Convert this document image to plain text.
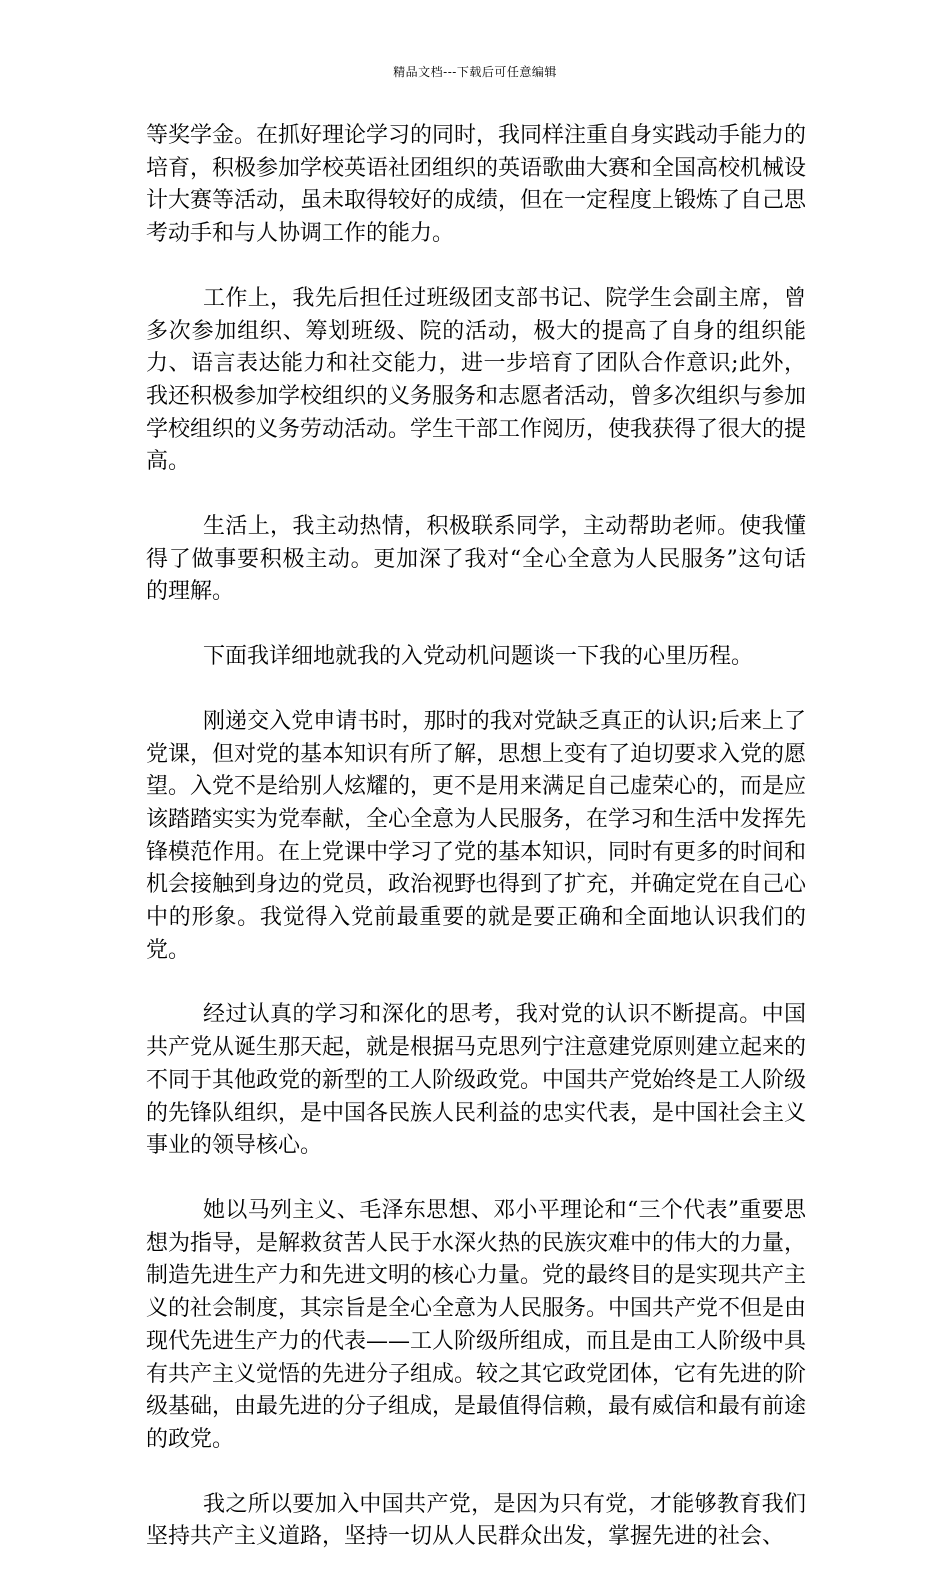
精品文档---下载后可任意编辑

等奖学金。在抓好理论学习的同时，我同样注重自身实践动手能力的培育，积极参加学校英语社团组织的英语歌曲大赛和全国高校机械设计大赛等活动，虽未取得较好的成绩，但在一定程度上锻炼了自己思考动手和与人协调工作的能力。

工作上，我先后担任过班级团支部书记、院学生会副主席，曾多次参加组织、筹划班级、院的活动，极大的提高了自身的组织能力、语言表达能力和社交能力，进一步培育了团队合作意识;此外，我还积极参加学校组织的义务服务和志愿者活动，曾多次组织与参加学校组织的义务劳动活动。学生干部工作阅历，使我获得了很大的提高。

生活上，我主动热情，积极联系同学，主动帮助老师。使我懂得了做事要积极主动。更加深了我对“全心全意为人民服务”这句话的理解。

下面我详细地就我的入党动机问题谈一下我的心里历程。

刚递交入党申请书时，那时的我对党缺乏真正的认识;后来上了党课，但对党的基本知识有所了解，思想上变有了迫切要求入党的愿望。入党不是给别人炫耀的，更不是用来满足自己虚荣心的，而是应该踏踏实实为党奉献，全心全意为人民服务，在学习和生活中发挥先锋模范作用。在上党课中学习了党的基本知识，同时有更多的时间和机会接触到身边的党员，政治视野也得到了扩充，并确定党在自己心中的形象。我觉得入党前最重要的就是要正确和全面地认识我们的党。

经过认真的学习和深化的思考，我对党的认识不断提高。中国共产党从诞生那天起，就是根据马克思列宁注意建党原则建立起来的不同于其他政党的新型的工人阶级政党。中国共产党始终是工人阶级的先锋队组织，是中国各民族人民利益的忠实代表，是中国社会主义事业的领导核心。

她以马列主义、毛泽东思想、邓小平理论和“三个代表”重要思想为指导，是解救贫苦人民于水深火热的民族灾难中的伟大的力量，制造先进生产力和先进文明的核心力量。党的最终目的是实现共产主义的社会制度，其宗旨是全心全意为人民服务。中国共产党不但是由现代先进生产力的代表——工人阶级所组成，而且是由工人阶级中具有共产主义觉悟的先进分子组成。较之其它政党团体，它有先进的阶级基础，由最先进的分子组成，是最值得信赖，最有威信和最有前途的政党。

我之所以要加入中国共产党，是因为只有党，才能够教育我们坚持共产主义道路，坚持一切从人民群众出发，掌握先进的社会、
